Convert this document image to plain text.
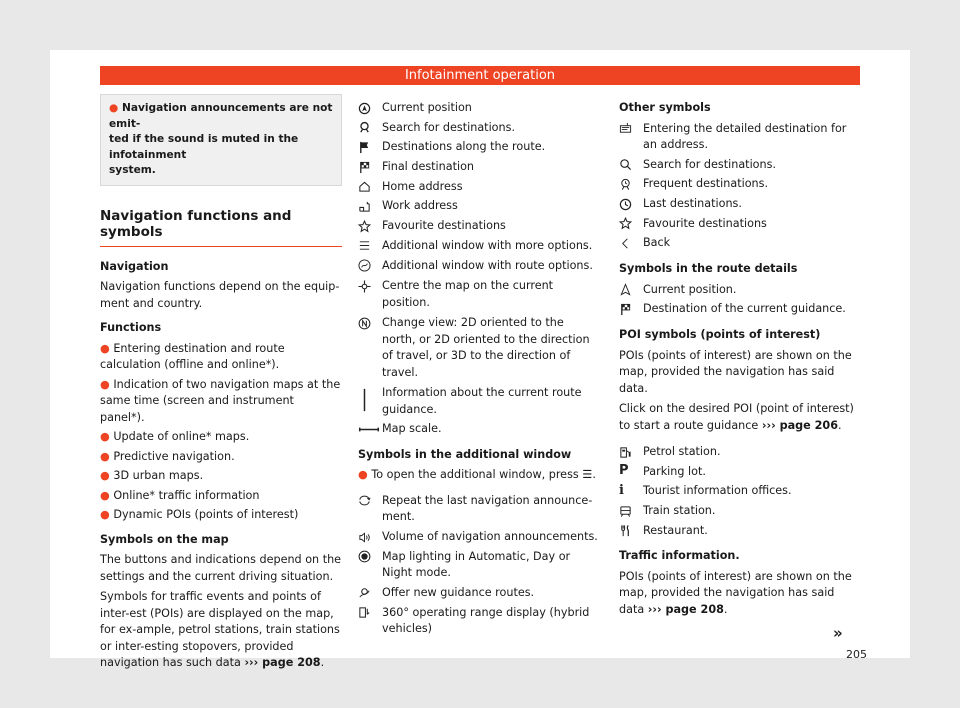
Infotainment operation
● Navigation announcements are not emit-
ted if the sound is muted in the infotainment
system.
Navigation functions and symbols

Navigation

Navigation functions depend on the equip-ment and country.

Functions

● Entering destination and route calculation (offline and online*).

● Indication of two navigation maps at the same time (screen and instrument panel*).

● Update of online* maps.

● Predictive navigation.

● 3D urban maps.

● Online* traffic information

● Dynamic POIs (points of interest)

Symbols on the map

The buttons and indications depend on the settings and the current driving situation.

Symbols for traffic events and points of inter-est (POIs) are displayed on the map, for ex-ample, petrol stations, train stations or inter-esting stopovers, provided navigation has such data ››› page 208.

Current position
Search for destinations.
Destinations along the route.
Final destination
Home address
Work address
Favourite destinations
Additional window with more options.
Additional window with route options.
Centre the map on the current position.
Change view: 2D oriented to the north, or 2D oriented to the direction of travel, or 3D to the direction of travel.
Information about the current route guidance.
Map scale.

Symbols in the additional window

● To open the additional window, press ☰.

Repeat the last navigation announce-ment.
Volume of navigation announcements.
Map lighting in Automatic, Day or Night mode.
Offer new guidance routes.
360° operating range display (hybrid vehicles)

Other symbols

Entering the detailed destination for an address.
Search for destinations.
Frequent destinations.
Last destinations.
Favourite destinations
Back

Symbols in the route details

Current position.
Destination of the current guidance.

POI symbols (points of interest)

POIs (points of interest) are shown on the map, provided the navigation has said data.

Click on the desired POI (point of interest) to start a route guidance ››› page 206.

Petrol station.
P	Parking lot.
i	Tourist information offices.
Train station.
Restaurant.

Traffic information.

POIs (points of interest) are shown on the map, provided the navigation has said data ››› page 208.

»
205
